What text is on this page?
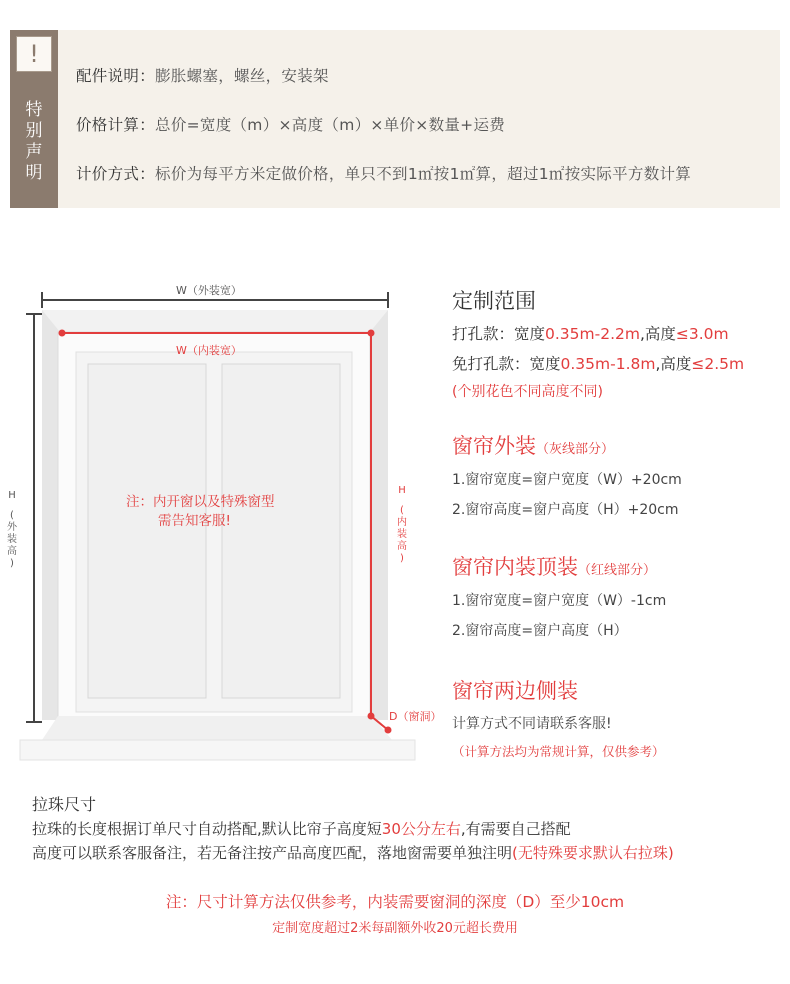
!
特
别
声
明
配件说明：膨胀螺塞，螺丝，安装架
价格计算：总价=宽度（m）×高度（m）×单价×数量+运费
计价方式：标价为每平方米定做价格，单只不到1㎡按1㎡算，超过1㎡按实际平方数计算
W（外装宽）
W（内装宽）
H
(
外
装
高
)
H
(
内
装
高
)
注：内开窗以及特殊窗型
需告知客服!
D（窗洞）
定制范围
打孔款：宽度0.35m-2.2m,高度≤3.0m
免打孔款：宽度0.35m-1.8m,高度≤2.5m
(个别花色不同高度不同)
窗帘外装（灰线部分）
1.窗帘宽度=窗户宽度（W）+20cm
2.窗帘高度=窗户高度（H）+20cm
窗帘内装顶装（红线部分）
1.窗帘宽度=窗户宽度（W）-1cm
2.窗帘高度=窗户高度（H）
窗帘两边侧装
计算方式不同请联系客服!
（计算方法均为常规计算，仅供参考）
拉珠尺寸
拉珠的长度根据订单尺寸自动搭配,默认比帘子高度短30公分左右,有需要自己搭配
高度可以联系客服备注，若无备注按产品高度匹配，落地窗需要单独注明(无特殊要求默认右拉珠)
注：尺寸计算方法仅供参考，内装需要窗洞的深度（D）至少10cm
定制宽度超过2米每副额外收20元超长费用
